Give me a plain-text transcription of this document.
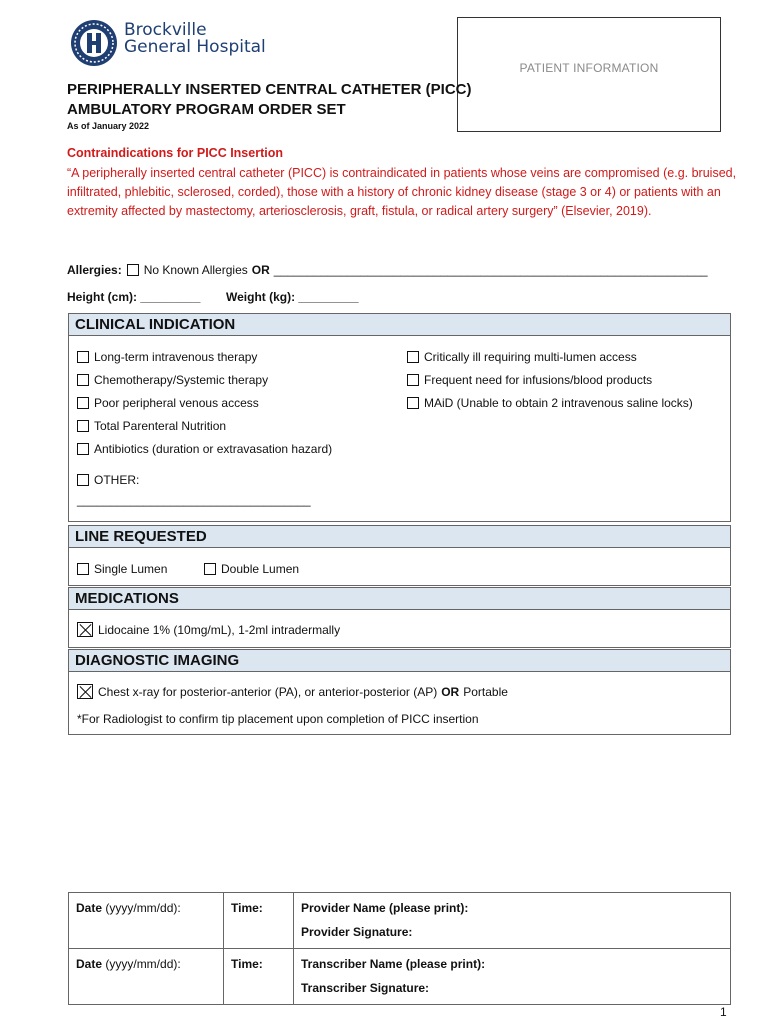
Brockville
General Hospital
PATIENT INFORMATION
PERIPHERALLY INSERTED CENTRAL CATHETER (PICC)
AMBULATORY PROGRAM ORDER SET
As of January 2022
Contraindications for PICC Insertion
“A peripherally inserted central catheter (PICC) is contraindicated in patients whose veins are compromised (e.g. bruised, infiltrated, phlebitic, sclerosed, corded), those with a history of chronic kidney disease (stage 3 or 4) or patients with an extremity affected by mastectomy, arteriosclerosis, graft, fistula, or radical artery surgery” (Elsevier, 2019).
Allergies: No Known Allergies OR _________________________________________________________________
Height (cm): _________ Weight (kg): _________
CLINICAL INDICATION
Long-term intravenous therapy
Chemotherapy/Systemic therapy
Poor peripheral venous access
Total Parenteral Nutrition
Antibiotics (duration or extravasation hazard)
Critically ill requiring multi-lumen access
Frequent need for infusions/blood products
MAiD (Unable to obtain 2 intravenous saline locks)
OTHER:
___________________________________
LINE REQUESTED
Single Lumen	Double Lumen
MEDICATIONS
Lidocaine 1% (10mg/mL), 1-2ml intradermally
DIAGNOSTIC IMAGING
Chest x-ray for posterior-anterior (PA), or anterior-posterior (AP) OR Portable
*For Radiologist to confirm tip placement upon completion of PICC insertion
Date (yyyy/mm/dd):	Time:	Provider Name (please print):
Provider Signature:

Date (yyyy/mm/dd):	Time:	Transcriber Name (please print):
Transcriber Signature:
1
